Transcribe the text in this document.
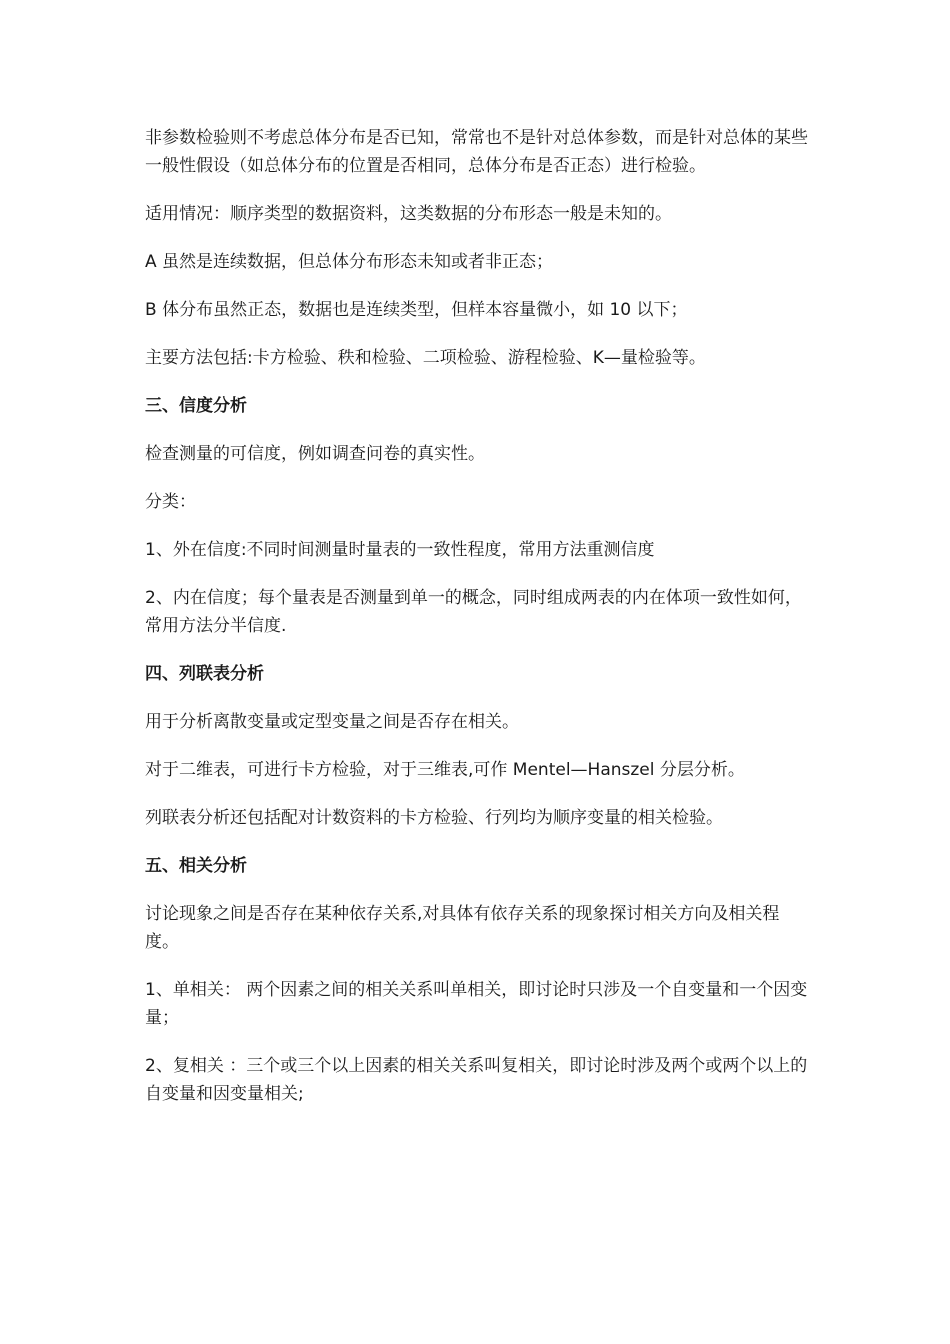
非参数检验则不考虑总体分布是否已知，常常也不是针对总体参数，而是针对总体的某些一般性假设（如总体分布的位置是否相同，总体分布是否正态）进行检验。

适用情况：顺序类型的数据资料，这类数据的分布形态一般是未知的。

A 虽然是连续数据，但总体分布形态未知或者非正态；

B 体分布虽然正态，数据也是连续类型，但样本容量微小，如 10 以下；

主要方法包括:卡方检验、秩和检验、二项检验、游程检验、K—量检验等。

三、信度分析

检查测量的可信度，例如调查问卷的真实性。

分类：

1、外在信度:不同时间测量时量表的一致性程度，常用方法重测信度

2、内在信度；每个量表是否测量到单一的概念，同时组成两表的内在体项一致性如何，常用方法分半信度.

四、列联表分析

用于分析离散变量或定型变量之间是否存在相关。

对于二维表，可进行卡方检验，对于三维表,可作 Mentel—Hanszel 分层分析。

列联表分析还包括配对计数资料的卡方检验、行列均为顺序变量的相关检验。

五、相关分析

讨论现象之间是否存在某种依存关系,对具体有依存关系的现象探讨相关方向及相关程度。

1、单相关： 两个因素之间的相关关系叫单相关，即讨论时只涉及一个自变量和一个因变量；

2、复相关 ：三个或三个以上因素的相关关系叫复相关，即讨论时涉及两个或两个以上的自变量和因变量相关;
